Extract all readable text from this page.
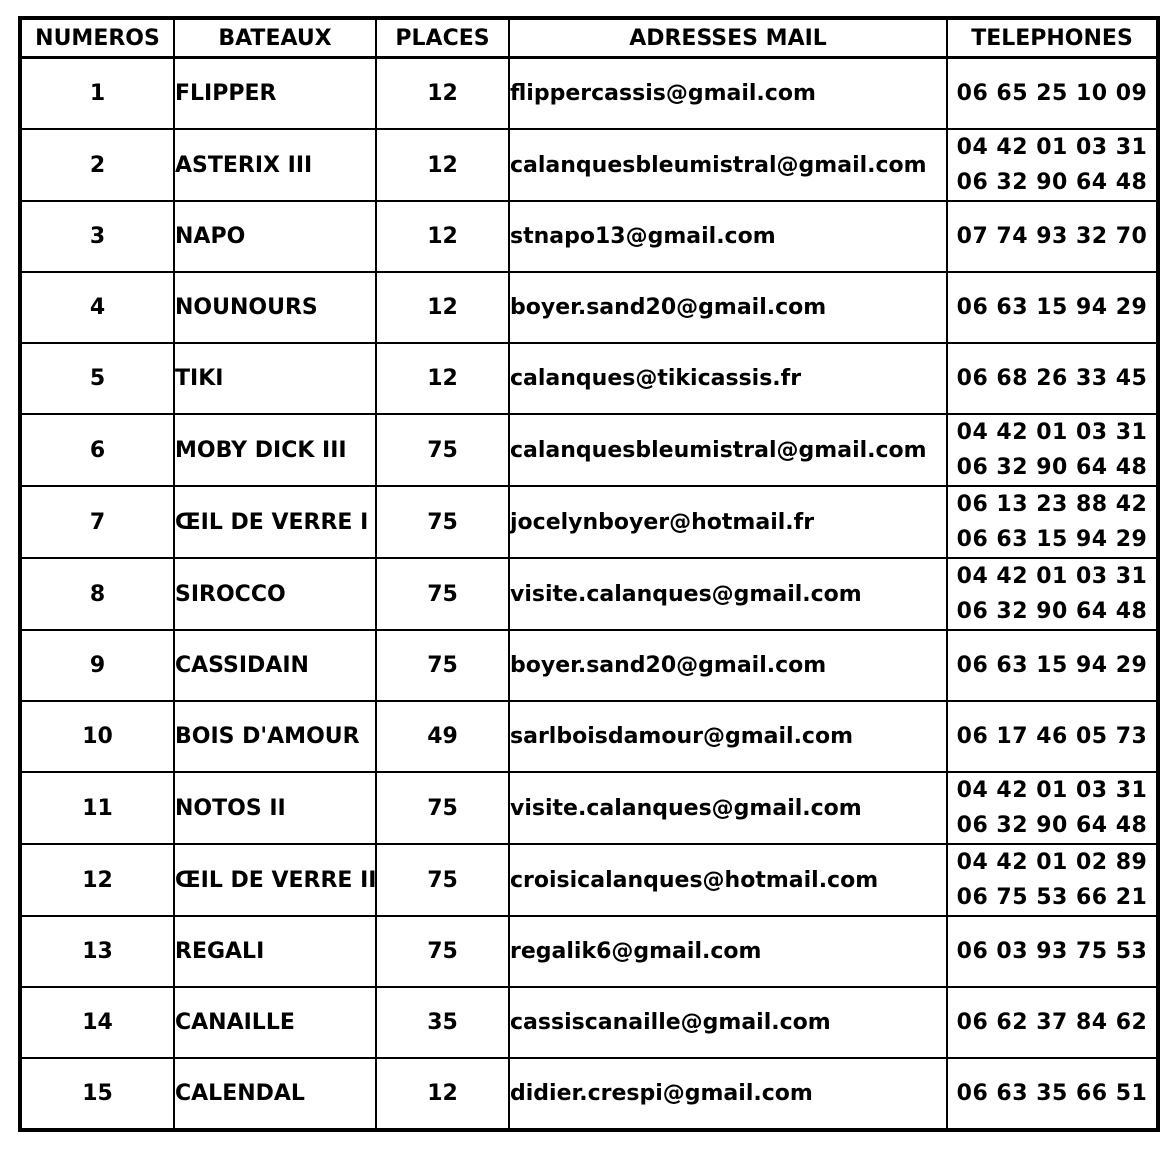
NUMEROS	BATEAUX	PLACES	ADRESSES MAIL	TELEPHONES
1	FLIPPER	12	flippercassis@gmail.com	06 65 25 10 09

2	ASTERIX III	12	calanquesbleumistral@gmail.com	04 42 01 03 31
06 32 90 64 48

3	NAPO	12	stnapo13@gmail.com	07 74 93 32 70

4	NOUNOURS	12	boyer.sand20@gmail.com	06 63 15 94 29

5	TIKI	12	calanques@tikicassis.fr	06 68 26 33 45

6	MOBY DICK III	75	calanquesbleumistral@gmail.com	04 42 01 03 31
06 32 90 64 48

7	ŒIL DE VERRE I	75	jocelynboyer@hotmail.fr	06 13 23 88 42
06 63 15 94 29

8	SIROCCO	75	visite.calanques@gmail.com	04 42 01 03 31
06 32 90 64 48

9	CASSIDAIN	75	boyer.sand20@gmail.com	06 63 15 94 29

10	BOIS D'AMOUR	49	sarlboisdamour@gmail.com	06 17 46 05 73

11	NOTOS II	75	visite.calanques@gmail.com	04 42 01 03 31
06 32 90 64 48

12	ŒIL DE VERRE II	75	croisicalanques@hotmail.com	04 42 01 02 89
06 75 53 66 21

13	REGALI	75	regalik6@gmail.com	06 03 93 75 53

14	CANAILLE	35	cassiscanaille@gmail.com	06 62 37 84 62

15	CALENDAL	12	didier.crespi@gmail.com	06 63 35 66 51
